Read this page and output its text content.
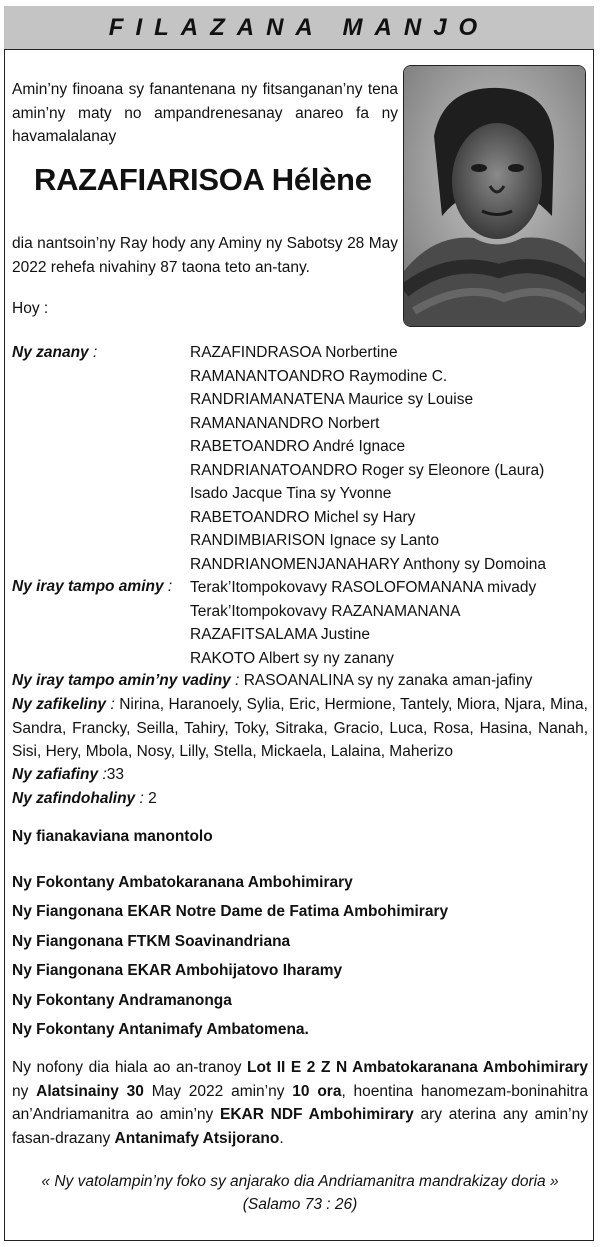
FILAZANA MANJO
Amin’ny finoana sy fanantenana ny fitsanganan’ny tena amin’ny maty no ampandrenesanay anareo fa ny havamalalanay
RAZAFIARISOA Hélène
dia nantsoin’ny Ray hody any Aminy ny Sabotsy 28 May 2022 rehefa nivahiny 87 taona teto an-tany.
Hoy :
Ny zanany :	RAZAFINDRASOA Norbertine
RAMANANTOANDRO Raymodine C.
RANDRIAMANATENA Maurice sy Louise
RAMANANANDRO Norbert
RABETOANDRO André Ignace
RANDRIANATOANDRO Roger sy Eleonore (Laura)
Isado Jacque Tina sy Yvonne
RABETOANDRO Michel sy Hary
RANDIMBIARISON Ignace sy Lanto
RANDRIANOMENJANAHARY Anthony sy Domoina
Ny iray tampo aminy : Terak’Itompokovavy RASOLOFOMANANA mivady
Terak’Itompokovavy RAZANAMANANA
RAZAFITSALAMA Justine
RAKOTO Albert sy ny zanany
Ny iray tampo amin’ny vadiny : RASOANALINA sy ny zanaka aman-jafiny
Ny zafikeliny : Nirina, Haranoely, Sylia, Eric, Hermione, Tantely, Miora, Njara, Mina, Sandra, Francky, Seilla, Tahiry, Toky, Sitraka, Gracio, Luca, Rosa, Hasina, Nanah, Sisi, Hery, Mbola, Nosy, Lilly, Stella, Mickaela, Lalaina, Maherizo
Ny zafiafiny :33
Ny zafindohaliny : 2
Ny fianakaviana manontolo
Ny Fokontany Ambatokaranana Ambohimirary
Ny Fiangonana EKAR Notre Dame de Fatima Ambohimirary
Ny Fiangonana FTKM Soavinandriana
Ny Fiangonana EKAR Ambohijatovo Iharamy
Ny Fokontany Andramanonga
Ny Fokontany Antanimafy Ambatomena.
Ny nofony dia hiala ao an-tranoy Lot II E 2 Z N Ambatokaranana Ambohimirary ny Alatsinainy 30 May 2022 amin’ny 10 ora, hoentina hanomezam-boninahitra an’Andriamanitra ao amin’ny EKAR NDF Ambohimirary ary aterina any amin’ny fasan-drazany Antanimafy Atsijorano.
« Ny vatolampin’ny foko sy anjarako dia Andriamanitra mandrakizay doria »
(Salamo 73 : 26)
